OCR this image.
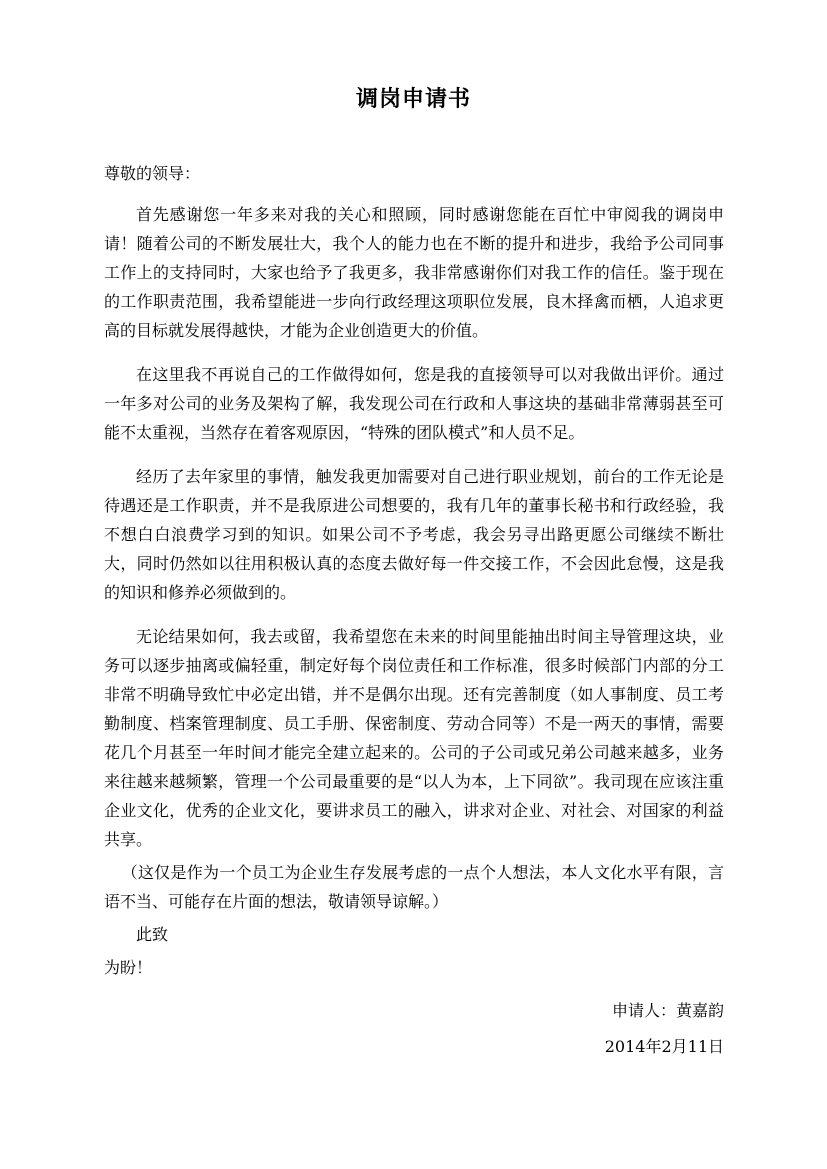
调岗申请书
尊敬的领导：

首先感谢您一年多来对我的关心和照顾，同时感谢您能在百忙中审阅我的调岗申请！随着公司的不断发展壮大，我个人的能力也在不断的提升和进步，我给予公司同事工作上的支持同时，大家也给予了我更多，我非常感谢你们对我工作的信任。鉴于现在的工作职责范围，我希望能进一步向行政经理这项职位发展，良木择禽而栖，人追求更高的目标就发展得越快，才能为企业创造更大的价值。

在这里我不再说自己的工作做得如何，您是我的直接领导可以对我做出评价。通过一年多对公司的业务及架构了解，我发现公司在行政和人事这块的基础非常薄弱甚至可能不太重视，当然存在着客观原因，“特殊的团队模式”和人员不足。

经历了去年家里的事情，触发我更加需要对自己进行职业规划，前台的工作无论是待遇还是工作职责，并不是我原进公司想要的，我有几年的董事长秘书和行政经验，我不想白白浪费学习到的知识。如果公司不予考虑，我会另寻出路更愿公司继续不断壮大，同时仍然如以往用积极认真的态度去做好每一件交接工作，不会因此怠慢，这是我的知识和修养必须做到的。

无论结果如何，我去或留，我希望您在未来的时间里能抽出时间主导管理这块，业务可以逐步抽离或偏轻重，制定好每个岗位责任和工作标准，很多时候部门内部的分工非常不明确导致忙中必定出错，并不是偶尔出现。还有完善制度（如人事制度、员工考勤制度、档案管理制度、员工手册、保密制度、劳动合同等）不是一两天的事情，需要花几个月甚至一年时间才能完全建立起来的。公司的子公司或兄弟公司越来越多，业务来往越来越频繁，管理一个公司最重要的是“以人为本，上下同欲”。我司现在应该注重企业文化，优秀的企业文化，要讲求员工的融入，讲求对企业、对社会、对国家的利益共享。

（这仅是作为一个员工为企业生存发展考虑的一点个人想法，本人文化水平有限，言语不当、可能存在片面的想法，敬请领导谅解。）

此致

为盼！

申请人：黄嘉韵

2014年2月11日
